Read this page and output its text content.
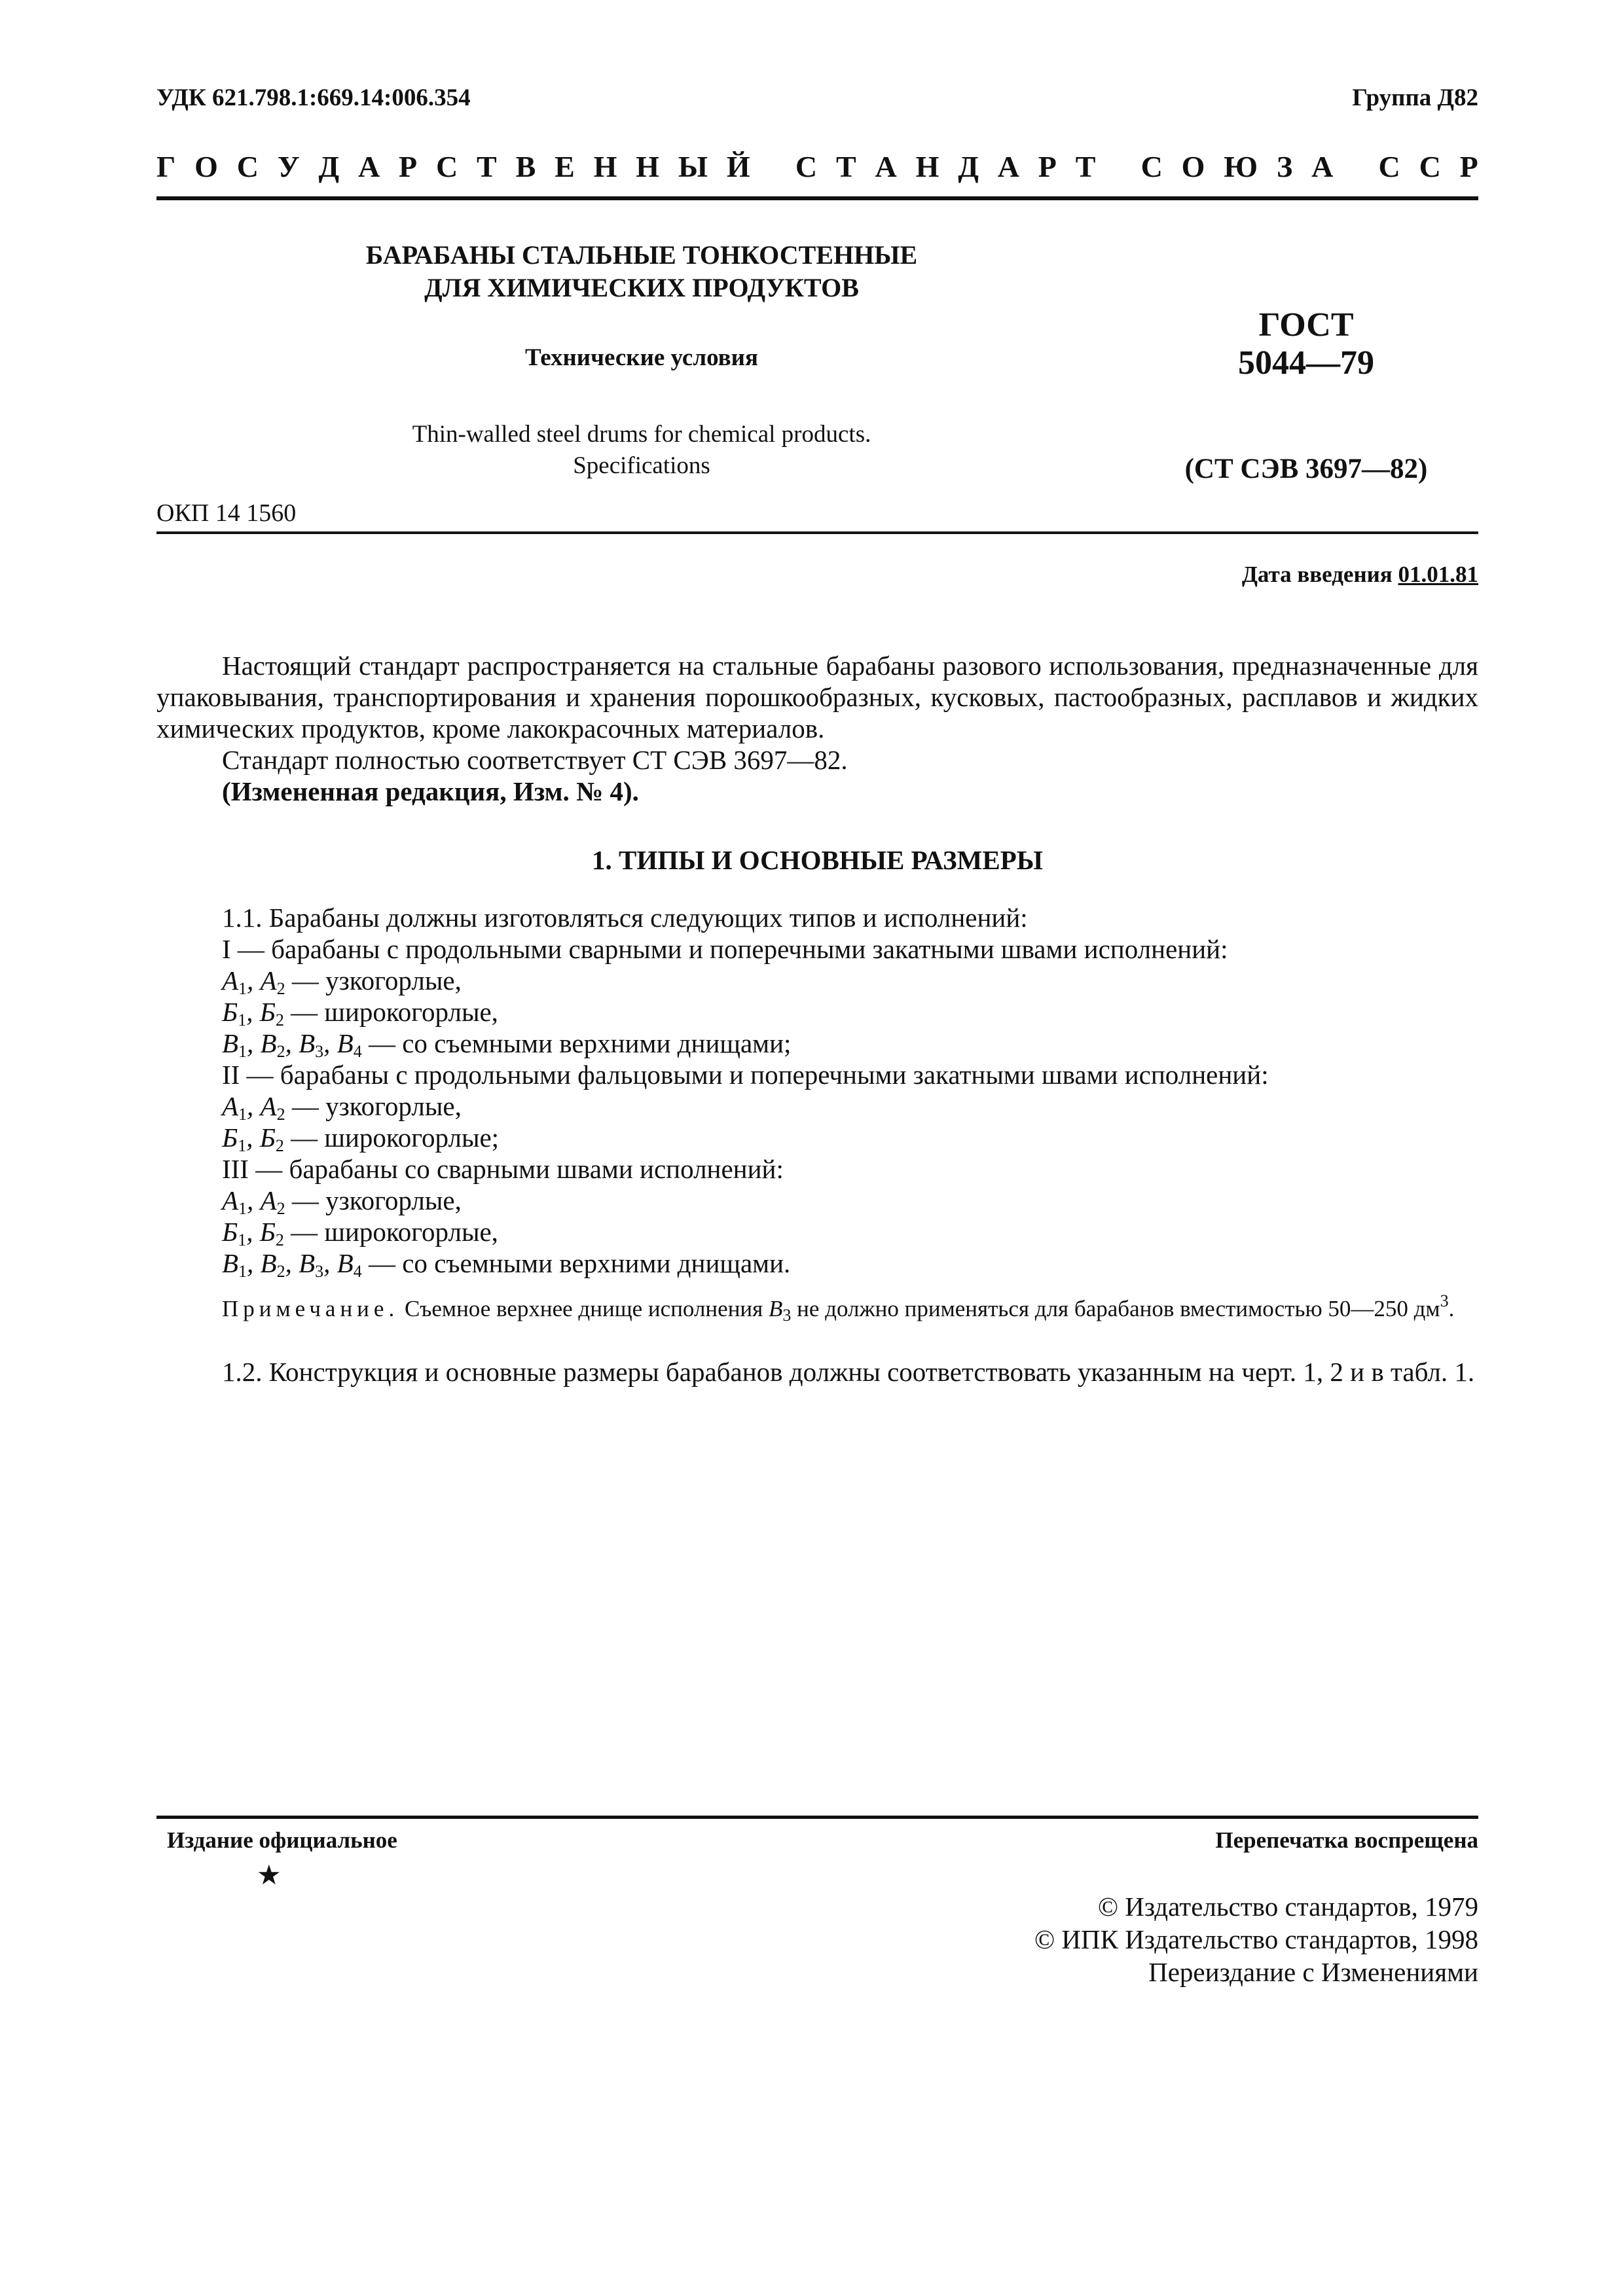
УДК 621.798.1:669.14:006.354	Группа Д82
Г О С У Д А Р С Т В Е Н Н Ы Й
С Т А Н Д А Р Т
С О Ю З А
С С Р
БАРАБАНЫ СТАЛЬНЫЕ ТОНКОСТЕННЫЕ
ДЛЯ ХИМИЧЕСКИХ ПРОДУКТОВ
Технические условия
Thin-walled steel drums for chemical products.
Specifications
ГОСТ
5044—79
(СТ СЭВ 3697—82)
ОКП 14 1560
Дата введения 01.01.81
Настоящий стандарт распространяется на стальные барабаны разового использования, предназначенные для упаковывания, транспортирования и хранения порошкообразных, кусковых, пастообразных, расплавов и жидких химических продуктов, кроме лакокрасочных материалов.
Стандарт полностью соответствует СТ СЭВ 3697—82.
(Измененная редакция, Изм. № 4).
1. ТИПЫ И ОСНОВНЫЕ РАЗМЕРЫ
1.1. Барабаны должны изготовляться следующих типов и исполнений:
I — барабаны с продольными сварными и поперечными закатными швами исполнений:
$А_1$, $А_2$ — узкогорлые,
$Б_1$, $Б_2$ — широкогорлые,
$В_1$, $В_2$, $В_3$, $В_4$ — со съемными верхними днищами;
II — барабаны с продольными фальцовыми и поперечными закатными швами исполнений:
$А_1$, $А_2$ — узкогорлые,
$Б_1$, $Б_2$ — широкогорлые;
III — барабаны со сварными швами исполнений:
$А_1$, $А_2$ — узкогорлые,
$Б_1$, $Б_2$ — широкогорлые,
$В_1$, $В_2$, $В_3$, $В_4$ — со съемными верхними днищами.
Примечание. Съемное верхнее днище исполнения $В_3$ не должно применяться для барабанов вместимостью 50—250 $дм^3$.
1.2. Конструкция и основные размеры барабанов должны соответствовать указанным на черт. 1, 2 и в табл. 1.
Издание официальное
★
Перепечатка воспрещена
© Издательство стандартов, 1979
© ИПК Издательство стандартов, 1998
Переиздание с Изменениями
